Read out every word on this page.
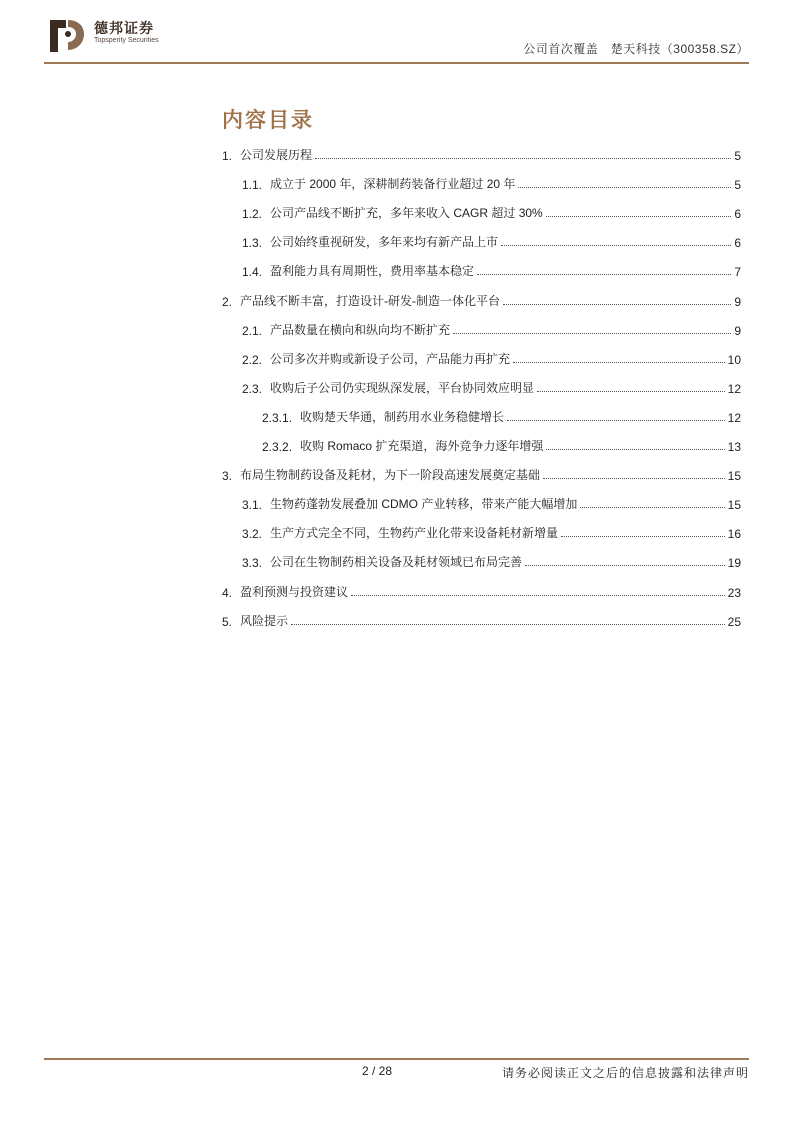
德邦证券
Topsperity Securities
公司首次覆盖　楚天科技（300358.SZ）
内容目录
1. 公司发展历程	5
1.1. 成立于 2000 年，深耕制药装备行业超过 20 年	5
1.2. 公司产品线不断扩充，多年来收入 CAGR 超过 30%	6
1.3. 公司始终重视研发，多年来均有新产品上市	6
1.4. 盈利能力具有周期性，费用率基本稳定	7
2. 产品线不断丰富，打造设计-研发-制造一体化平台	9
2.1. 产品数量在横向和纵向均不断扩充	9
2.2. 公司多次并购或新设子公司，产品能力再扩充	10
2.3. 收购后子公司仍实现纵深发展，平台协同效应明显	12
2.3.1. 收购楚天华通，制药用水业务稳健增长	12
2.3.2. 收购 Romaco 扩充渠道，海外竞争力逐年增强	13
3. 布局生物制药设备及耗材，为下一阶段高速发展奠定基础	15
3.1. 生物药蓬勃发展叠加 CDMO 产业转移，带来产能大幅增加	15
3.2. 生产方式完全不同，生物药产业化带来设备耗材新增量	16
3.3. 公司在生物制药相关设备及耗材领域已布局完善	19
4. 盈利预测与投资建议	23
5. 风险提示	25
2 / 28	请务必阅读正文之后的信息披露和法律声明
